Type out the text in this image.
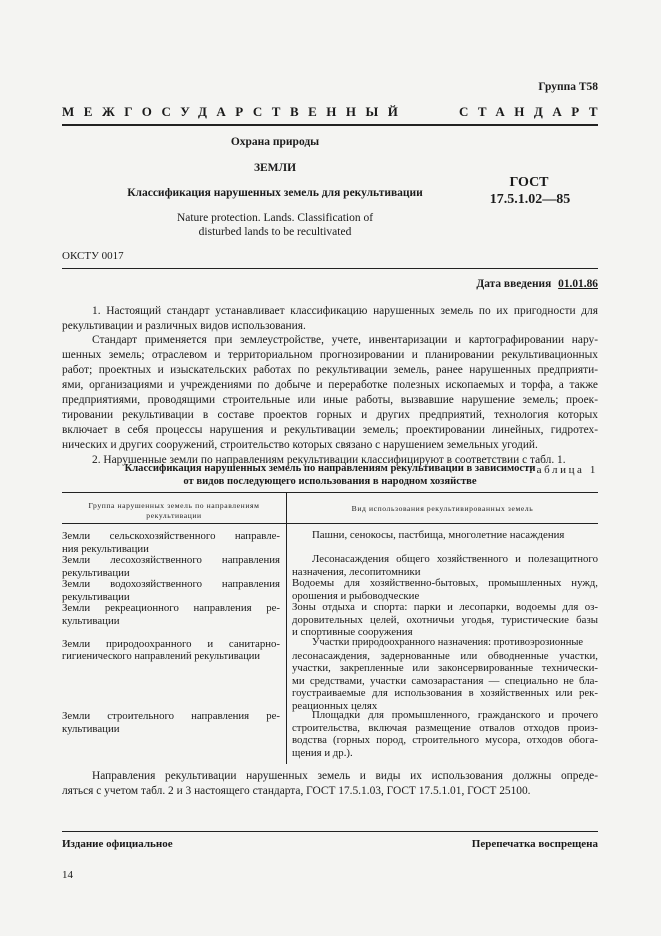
Группа Т58
МЕЖГОСУДАРСТВЕННЫЙ	СТАНДАРТ
Охрана природы
ЗЕМЛИ
Классификация нарушенных земель для рекультивации
Nature protection. Lands. Classification of
disturbed lands to be recultivated
ГОСТ
17.5.1.02—85
ОКСТУ 0017
Дата введения 01.01.86
1. Настоящий стандарт устанавливает классификацию нарушенных земель по их пригодности для
рекультивации и различных видов использования.
Стандарт применяется при землеустройстве, учете, инвентаризации и картографировании нару-
шенных земель; отраслевом и территориальном прогнозировании и планировании рекультивационных
работ; проектных и изыскательских работах по рекультивации земель, ранее нарушенных предприяти-
ями, организациями и учреждениями по добыче и переработке полезных ископаемых и торфа, а также
предприятиями, проводящими строительные или иные работы, вызвавшие нарушение земель; проек-
тировании рекультивации в составе проектов горных и других предприятий, технология которых
включает в себя процессы нарушения и рекультивации земель; проектировании линейных, гидротех-
нических и других сооружений, строительство которых связано с нарушением земельных угодий.
2. Нарушенные земли по направлениям рекультивации классифицируют в соответствии с табл. 1.
Таблица 1
Классификация нарушенных земель по направлениям рекультивации в зависимости
от видов последующего использования в народном хозяйстве
Группа нарушенных земель по направлениям
рекультивации
Вид использования рекультивированных земель
Земли сельскохозяйственного направле-
ния рекультивации
Пашни, сенокосы, пастбища, многолетние насаждения
Земли лесохозяйственного направления
рекультивации
Лесонасаждения общего хозяйственного и полезащитного
назначения, лесопитомники
Земли водохозяйственного направления
рекультивации
Водоемы для хозяйственно-бытовых, промышленных нужд,
орошения и рыбоводческие
Земли рекреационного направления ре-
культивации
Зоны отдыха и спорта: парки и лесопарки, водоемы для оз-
доровительных целей, охотничьи угодья, туристические базы
и спортивные сооружения
Земли природоохранного и санитарно-
гигиенического направлений рекультивации
Участки природоохранного назначения: противоэрозионные
лесонасаждения, задернованные или обводненные участки,
участки, закрепленные или законсервированные технически-
ми средствами, участки самозарастания — специально не бла-
гоустраиваемые для использования в хозяйственных или рек-
реационных целях
Земли строительного направления ре-
культивации
Площадки для промышленного, гражданского и прочего
строительства, включая размещение отвалов отходов произ-
водства (горных пород, строительного мусора, отходов обога-
щения и др.).
Направления рекультивации нарушенных земель и виды их использования должны опреде-
ляться с учетом табл. 2 и 3 настоящего стандарта, ГОСТ 17.5.1.03, ГОСТ 17.5.1.01, ГОСТ 25100.
Издание официальное	Перепечатка воспрещена
14
